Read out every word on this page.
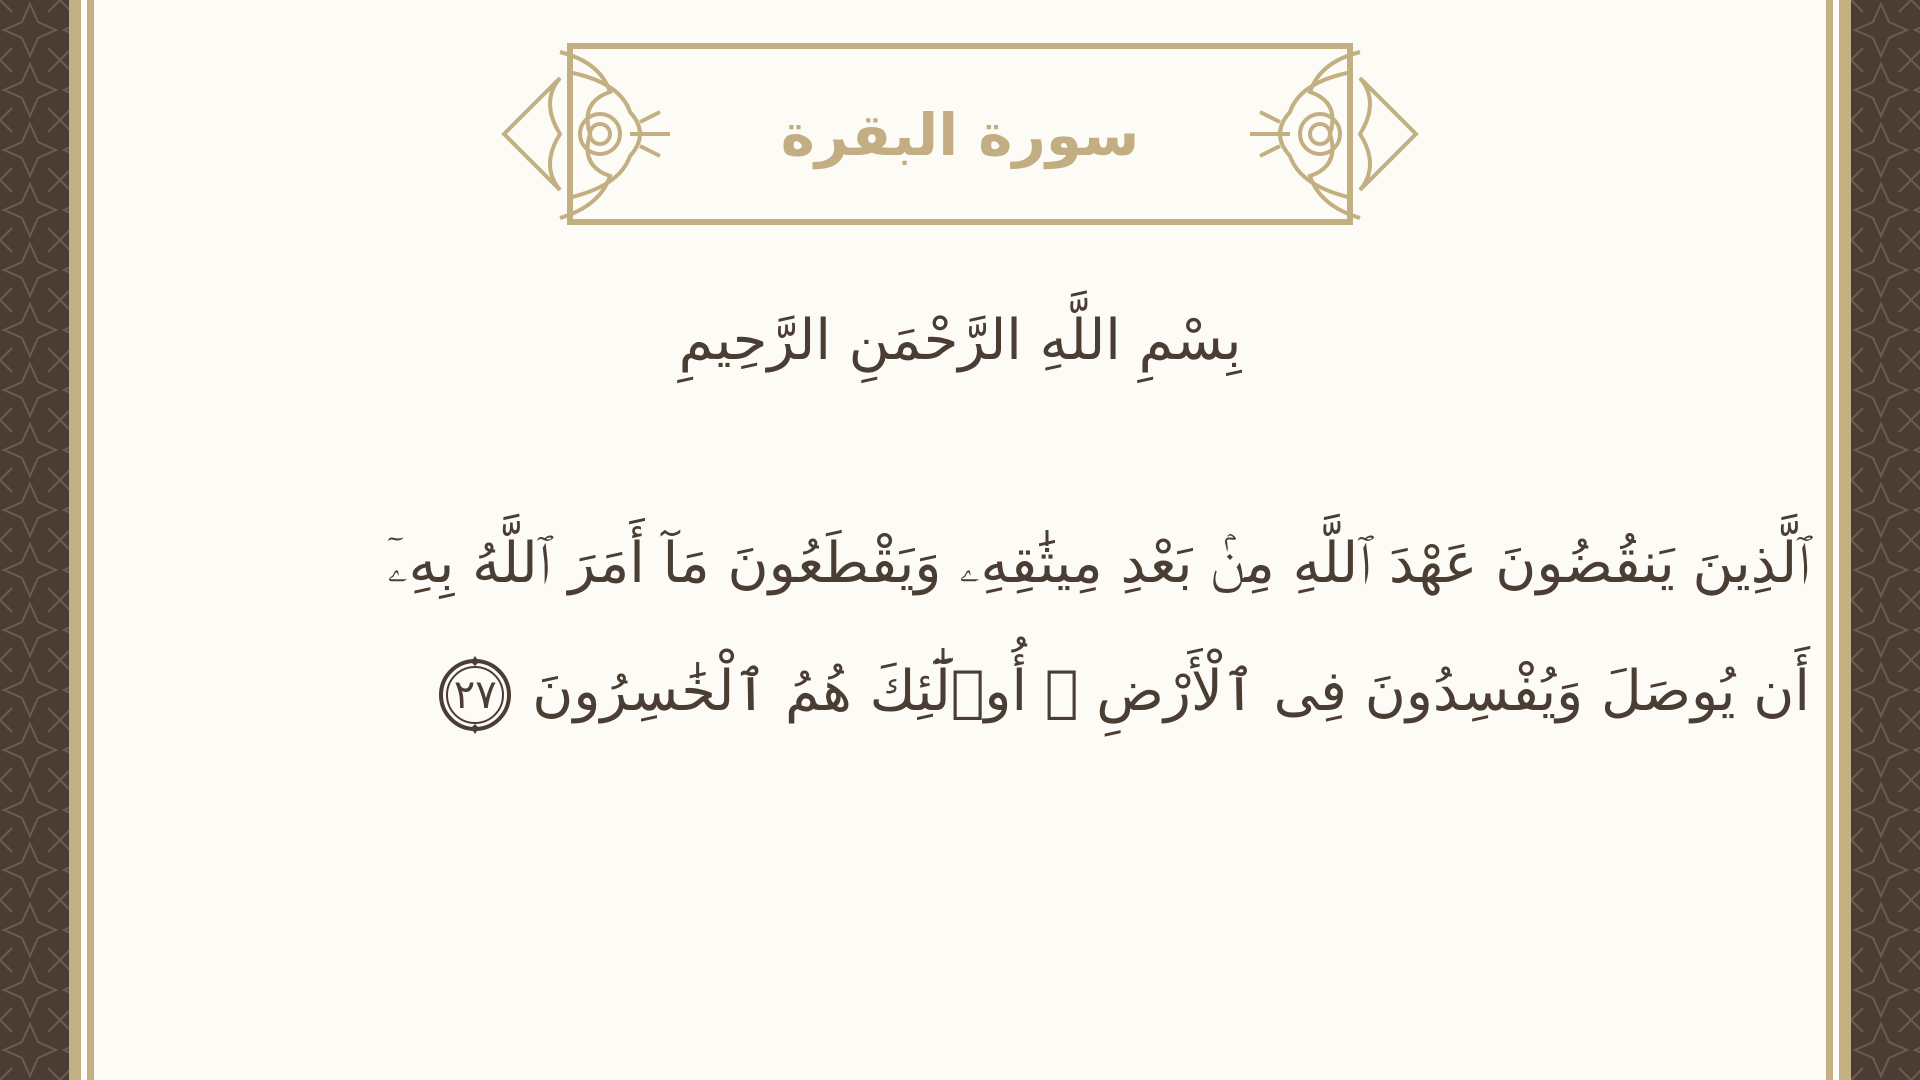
سورة البقرة
بِسْمِ اللَّهِ الرَّحْمَنِ الرَّحِيمِ
ٱلَّذِينَ يَنقُضُونَ عَهْدَ ٱللَّهِ مِنۢ بَعْدِ مِيثَٰقِهِۦ وَيَقْطَعُونَ مَآ أَمَرَ ٱللَّهُ بِهِۦٓ
أَن يُوصَلَ وَيُفْسِدُونَ فِى ٱلْأَرْضِ ۚ أُو۟لَٰٓئِكَ هُمُ ٱلْخَٰسِرُونَ
٢٧
